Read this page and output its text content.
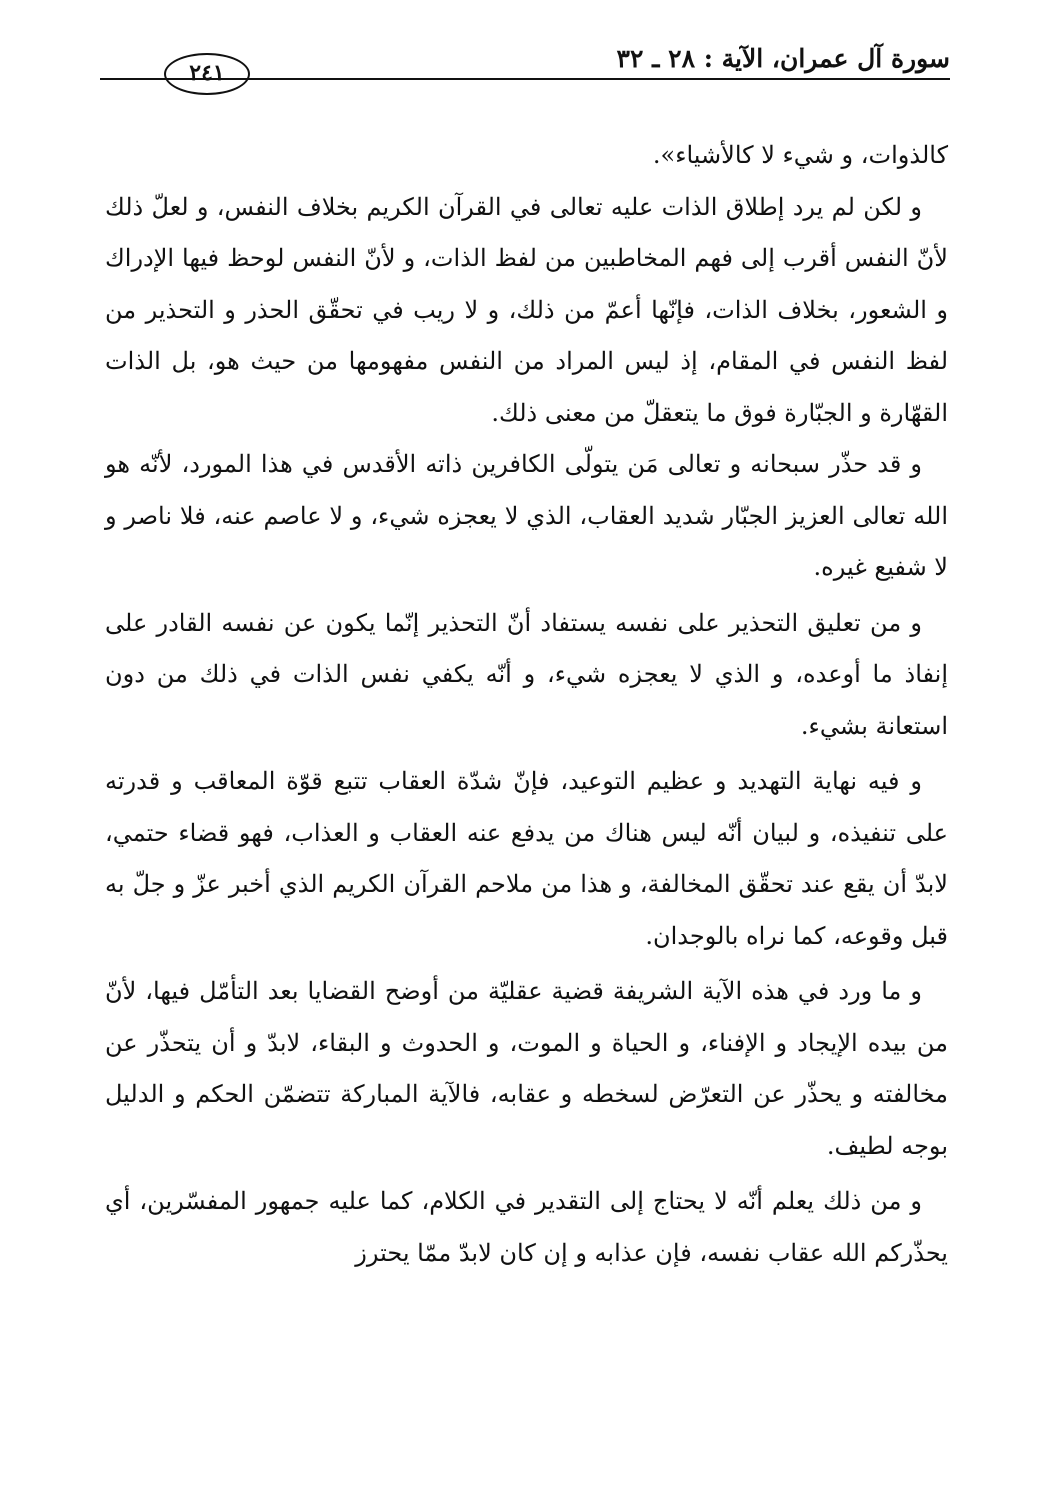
سورة آل عمران، الآية : ٢٨ ـ ٣٢
٢٤١

كالذوات، و شيء لا كالأشياء».

و لكن لم يرد إطلاق الذات عليه تعالى في القرآن الكريم بخلاف النفس، و لعلّ ذلك لأنّ النفس أقرب إلى فهم المخاطبين من لفظ الذات، و لأنّ النفس لوحظ فيها الإدراك و الشعور، بخلاف الذات، فإنّها أعمّ من ذلك، و لا ريب في تحقّق الحذر و التحذير من لفظ النفس في المقام، إذ ليس المراد من النفس مفهومها من حيث هو، بل الذات القهّارة و الجبّارة فوق ما يتعقلّ من معنى ذلك.

و قد حذّر سبحانه و تعالى مَن يتولّى الكافرين ذاته الأقدس في هذا المورد، لأنّه هو الله تعالى العزيز الجبّار شديد العقاب، الذي لا يعجزه شيء، و لا عاصم عنه، فلا ناصر و لا شفيع غيره.

و من تعليق التحذير على نفسه يستفاد أنّ التحذير إنّما يكون عن نفسه القادر على إنفاذ ما أوعده، و الذي لا يعجزه شيء، و أنّه يكفي نفس الذات في ذلك من دون استعانة بشيء.

و فيه نهاية التهديد و عظيم التوعيد، فإنّ شدّة العقاب تتبع قوّة المعاقب و قدرته على تنفيذه، و لبيان أنّه ليس هناك من يدفع عنه العقاب و العذاب، فهو قضاء حتمي، لابدّ أن يقع عند تحقّق المخالفة، و هذا من ملاحم القرآن الكريم الذي أخبر عزّ و جلّ به قبل وقوعه، كما نراه بالوجدان.

و ما ورد في هذه الآية الشريفة قضية عقليّة من أوضح القضايا بعد التأمّل فيها، لأنّ من بيده الإيجاد و الإفناء، و الحياة و الموت، و الحدوث و البقاء، لابدّ و أن يتحذّر عن مخالفته و يحذّر عن التعرّض لسخطه و عقابه، فالآية المباركة تتضمّن الحكم و الدليل بوجه لطيف.

و من ذلك يعلم أنّه لا يحتاج إلى التقدير في الكلام، كما عليه جمهور المفسّرين، أي يحذّركم الله عقاب نفسه، فإن عذابه و إن كان لابدّ ممّا يحترز
